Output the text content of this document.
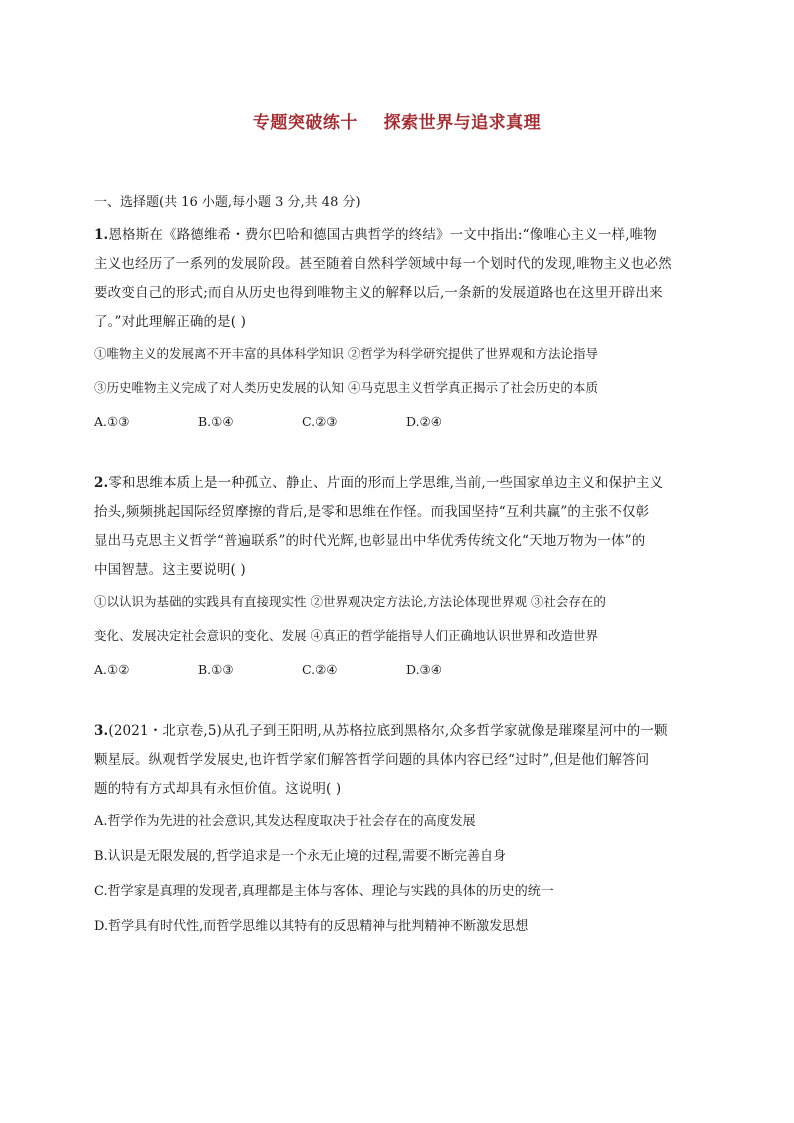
专题突破练十    探索世界与追求真理
一、选择题(共 16 小题,每小题 3 分,共 48 分)
1.恩格斯在《路德维希・费尔巴哈和德国古典哲学的终结》一文中指出:“像唯心主义一样,唯物
主义也经历了一系列的发展阶段。甚至随着自然科学领域中每一个划时代的发现,唯物主义也必然
要改变自己的形式;而自从历史也得到唯物主义的解释以后,一条新的发展道路也在这里开辟出来
了。”对此理解正确的是( )
①唯物主义的发展离不开丰富的具体科学知识 ②哲学为科学研究提供了世界观和方法论指导
③历史唯物主义完成了对人类历史发展的认知 ④马克思主义哲学真正揭示了社会历史的本质
A.①③	B.①④	C.②③	D.②④
2.零和思维本质上是一种孤立、静止、片面的形而上学思维,当前,一些国家单边主义和保护主义
抬头,频频挑起国际经贸摩擦的背后,是零和思维在作怪。而我国坚持“互利共赢”的主张不仅彰
显出马克思主义哲学“普遍联系”的时代光辉,也彰显出中华优秀传统文化“天地万物为一体”的
中国智慧。这主要说明( )
①以认识为基础的实践具有直接现实性 ②世界观决定方法论,方法论体现世界观 ③社会存在的
变化、发展决定社会意识的变化、发展 ④真正的哲学能指导人们正确地认识世界和改造世界
A.①②	B.①③	C.②④	D.③④
3.(2021・北京卷,5)从孔子到王阳明,从苏格拉底到黑格尔,众多哲学家就像是璀璨星河中的一颗
颗星辰。纵观哲学发展史,也许哲学家们解答哲学问题的具体内容已经“过时”,但是他们解答问
题的特有方式却具有永恒价值。这说明( )
A.哲学作为先进的社会意识,其发达程度取决于社会存在的高度发展
B.认识是无限发展的,哲学追求是一个永无止境的过程,需要不断完善自身
C.哲学家是真理的发现者,真理都是主体与客体、理论与实践的具体的历史的统一
D.哲学具有时代性,而哲学思维以其特有的反思精神与批判精神不断激发思想
